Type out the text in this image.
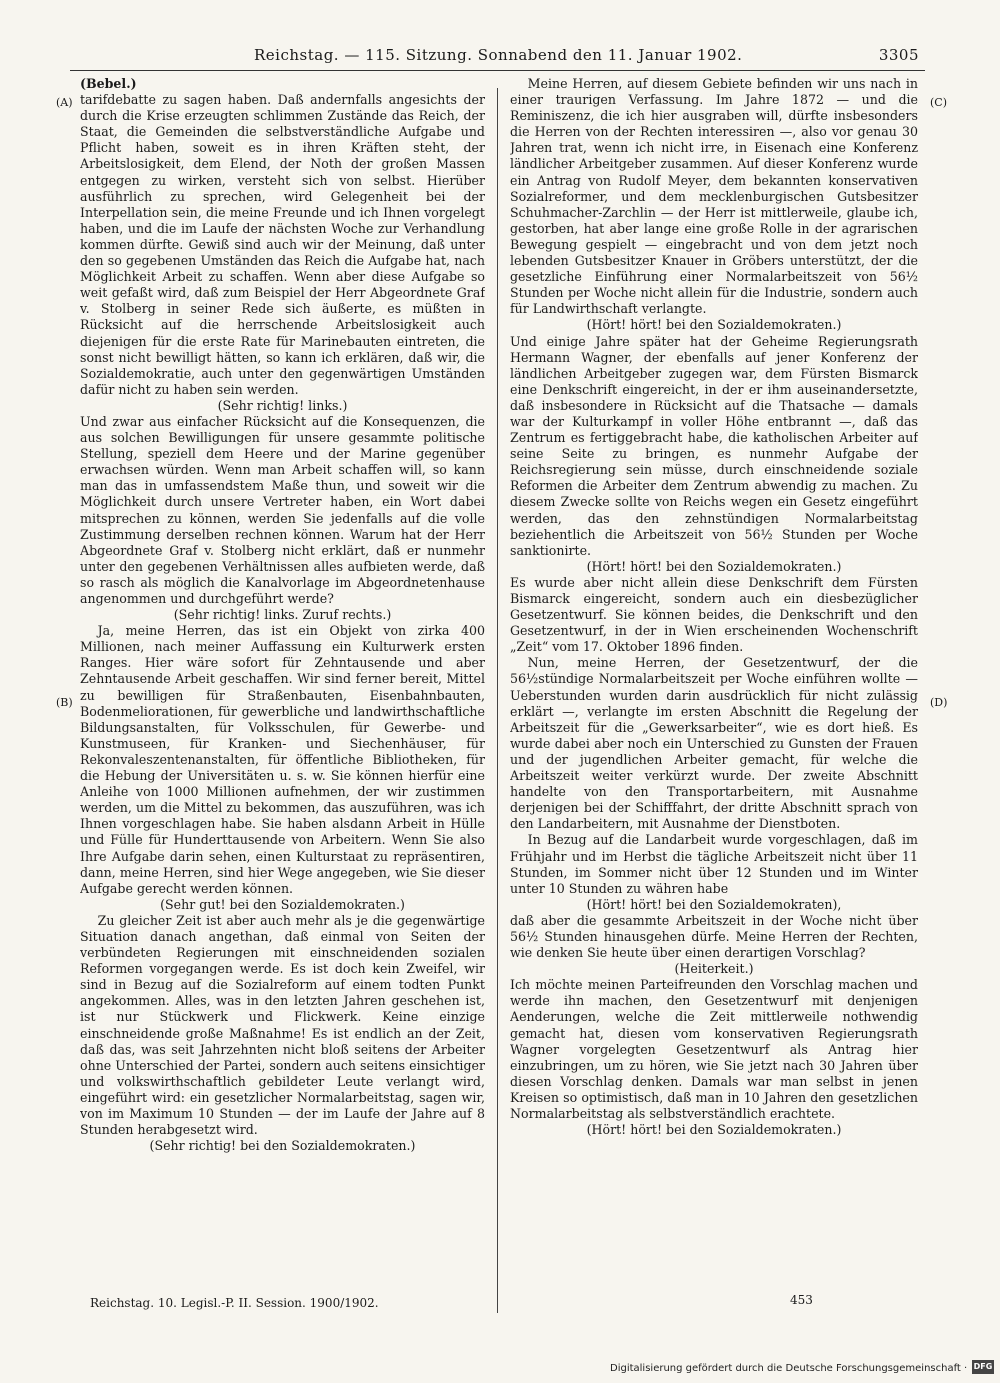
Reichstag. — 115. Sitzung. Sonnabend den 11. Januar 1902.	3305
(A)
(B)
(C)
(D)

(Bebel.)

tarifdebatte zu sagen haben. Daß andernfalls angesichts der durch die Krise erzeugten schlimmen Zustände das Reich, der Staat, die Gemeinden die selbstverständliche Aufgabe und Pflicht haben, soweit es in ihren Kräften steht, der Arbeitslosigkeit, dem Elend, der Noth der großen Massen entgegen zu wirken, versteht sich von selbst. Hierüber ausführlich zu sprechen, wird Gelegenheit bei der Interpellation sein, die meine Freunde und ich Ihnen vorgelegt haben, und die im Laufe der nächsten Woche zur Verhandlung kommen dürfte. Gewiß sind auch wir der Meinung, daß unter den so gegebenen Umständen das Reich die Aufgabe hat, nach Möglichkeit Arbeit zu schaffen. Wenn aber diese Aufgabe so weit gefaßt wird, daß zum Beispiel der Herr Abgeordnete Graf v. Stolberg in seiner Rede sich äußerte, es müßten in Rücksicht auf die herrschende Arbeitslosigkeit auch diejenigen für die erste Rate für Marinebauten eintreten, die sonst nicht bewilligt hätten, so kann ich erklären, daß wir, die Sozialdemokratie, auch unter den gegenwärtigen Umständen dafür nicht zu haben sein werden.

(Sehr richtig! links.)

Und zwar aus einfacher Rücksicht auf die Konsequenzen, die aus solchen Bewilligungen für unsere gesammte politische Stellung, speziell dem Heere und der Marine gegenüber erwachsen würden. Wenn man Arbeit schaffen will, so kann man das in umfassendstem Maße thun, und soweit wir die Möglichkeit durch unsere Vertreter haben, ein Wort dabei mitsprechen zu können, werden Sie jedenfalls auf die volle Zustimmung derselben rechnen können. Warum hat der Herr Abgeordnete Graf v. Stolberg nicht erklärt, daß er nunmehr unter den gegebenen Verhältnissen alles aufbieten werde, daß so rasch als möglich die Kanalvorlage im Abgeordnetenhause angenommen und durchgeführt werde?

(Sehr richtig! links. Zuruf rechts.)

Ja, meine Herren, das ist ein Objekt von zirka 400 Millionen, nach meiner Auffassung ein Kulturwerk ersten Ranges. Hier wäre sofort für Zehntausende und aber Zehntausende Arbeit geschaffen. Wir sind ferner bereit, Mittel zu bewilligen für Straßenbauten, Eisenbahnbauten, Bodenmeliorationen, für gewerbliche und landwirthschaftliche Bildungsanstalten, für Volksschulen, für Gewerbe- und Kunstmuseen, für Kranken- und Siechenhäuser, für Rekonvaleszentenanstalten, für öffentliche Bibliotheken, für die Hebung der Universitäten u. s. w. Sie können hierfür eine Anleihe von 1000 Millionen aufnehmen, der wir zustimmen werden, um die Mittel zu bekommen, das auszuführen, was ich Ihnen vorgeschlagen habe. Sie haben alsdann Arbeit in Hülle und Fülle für Hunderttausende von Arbeitern. Wenn Sie also Ihre Aufgabe darin sehen, einen Kulturstaat zu repräsentiren, dann, meine Herren, sind hier Wege angegeben, wie Sie dieser Aufgabe gerecht werden können.

(Sehr gut! bei den Sozialdemokraten.)

Zu gleicher Zeit ist aber auch mehr als je die gegenwärtige Situation danach angethan, daß einmal von Seiten der verbündeten Regierungen mit einschneidenden sozialen Reformen vorgegangen werde. Es ist doch kein Zweifel, wir sind in Bezug auf die Sozialreform auf einem todten Punkt angekommen. Alles, was in den letzten Jahren geschehen ist, ist nur Stückwerk und Flickwerk. Keine einzige einschneidende große Maßnahme! Es ist endlich an der Zeit, daß das, was seit Jahrzehnten nicht bloß seitens der Arbeiter ohne Unterschied der Partei, sondern auch seitens einsichtiger und volkswirthschaftlich gebildeter Leute verlangt wird, eingeführt wird: ein gesetzlicher Normalarbeitstag, sagen wir, von im Maximum 10 Stunden — der im Laufe der Jahre auf 8 Stunden herabgesetzt wird.

(Sehr richtig! bei den Sozialdemokraten.)

Meine Herren, auf diesem Gebiete befinden wir uns nach in einer traurigen Verfassung. Im Jahre 1872 — und die Reminiszenz, die ich hier ausgraben will, dürfte insbesonders die Herren von der Rechten interessiren —, also vor genau 30 Jahren trat, wenn ich nicht irre, in Eisenach eine Konferenz ländlicher Arbeitgeber zusammen. Auf dieser Konferenz wurde ein Antrag von Rudolf Meyer, dem bekannten konservativen Sozialreformer, und dem mecklenburgischen Gutsbesitzer Schuhmacher-Zarchlin — der Herr ist mittlerweile, glaube ich, gestorben, hat aber lange eine große Rolle in der agrarischen Bewegung gespielt — eingebracht und von dem jetzt noch lebenden Gutsbesitzer Knauer in Gröbers unterstützt, der die gesetzliche Einführung einer Normalarbeitszeit von 56½ Stunden per Woche nicht allein für die Industrie, sondern auch für Landwirthschaft verlangte.

(Hört! hört! bei den Sozialdemokraten.)

Und einige Jahre später hat der Geheime Regierungsrath Hermann Wagner, der ebenfalls auf jener Konferenz der ländlichen Arbeitgeber zugegen war, dem Fürsten Bismarck eine Denkschrift eingereicht, in der er ihm auseinandersetzte, daß insbesondere in Rücksicht auf die Thatsache — damals war der Kulturkampf in voller Höhe entbrannt —, daß das Zentrum es fertiggebracht habe, die katholischen Arbeiter auf seine Seite zu bringen, es nunmehr Aufgabe der Reichsregierung sein müsse, durch einschneidende soziale Reformen die Arbeiter dem Zentrum abwendig zu machen. Zu diesem Zwecke sollte von Reichs wegen ein Gesetz eingeführt werden, das den zehnstündigen Normalarbeitstag beziehentlich die Arbeitszeit von 56½ Stunden per Woche sanktionirte.

(Hört! hört! bei den Sozialdemokraten.)

Es wurde aber nicht allein diese Denkschrift dem Fürsten Bismarck eingereicht, sondern auch ein diesbezüglicher Gesetzentwurf. Sie können beides, die Denkschrift und den Gesetzentwurf, in der in Wien erscheinenden Wochenschrift „Zeit“ vom 17. Oktober 1896 finden.

Nun, meine Herren, der Gesetzentwurf, der die 56½stündige Normalarbeitszeit per Woche einführen wollte — Ueberstunden wurden darin ausdrücklich für nicht zulässig erklärt —, verlangte im ersten Abschnitt die Regelung der Arbeitszeit für die „Gewerksarbeiter“, wie es dort hieß. Es wurde dabei aber noch ein Unterschied zu Gunsten der Frauen und der jugendlichen Arbeiter gemacht, für welche die Arbeitszeit weiter verkürzt wurde. Der zweite Abschnitt handelte von den Transportarbeitern, mit Ausnahme derjenigen bei der Schifffahrt, der dritte Abschnitt sprach von den Landarbeitern, mit Ausnahme der Dienstboten.

In Bezug auf die Landarbeit wurde vorgeschlagen, daß im Frühjahr und im Herbst die tägliche Arbeitszeit nicht über 11 Stunden, im Sommer nicht über 12 Stunden und im Winter unter 10 Stunden zu währen habe

(Hört! hört! bei den Sozialdemokraten),

daß aber die gesammte Arbeitszeit in der Woche nicht über 56½ Stunden hinausgehen dürfe. Meine Herren der Rechten, wie denken Sie heute über einen derartigen Vorschlag?

(Heiterkeit.)

Ich möchte meinen Parteifreunden den Vorschlag machen und werde ihn machen, den Gesetzentwurf mit denjenigen Aenderungen, welche die Zeit mittlerweile nothwendig gemacht hat, diesen vom konservativen Regierungsrath Wagner vorgelegten Gesetzentwurf als Antrag hier einzubringen, um zu hören, wie Sie jetzt nach 30 Jahren über diesen Vorschlag denken. Damals war man selbst in jenen Kreisen so optimistisch, daß man in 10 Jahren den gesetzlichen Normalarbeitstag als selbstverständlich erachtete.

(Hört! hört! bei den Sozialdemokraten.)

Reichstag. 10. Legisl.-P. II. Session. 1900/1902.	453
Digitalisierung gefördert durch die Deutsche Forschungsgemeinschaft · DFG
